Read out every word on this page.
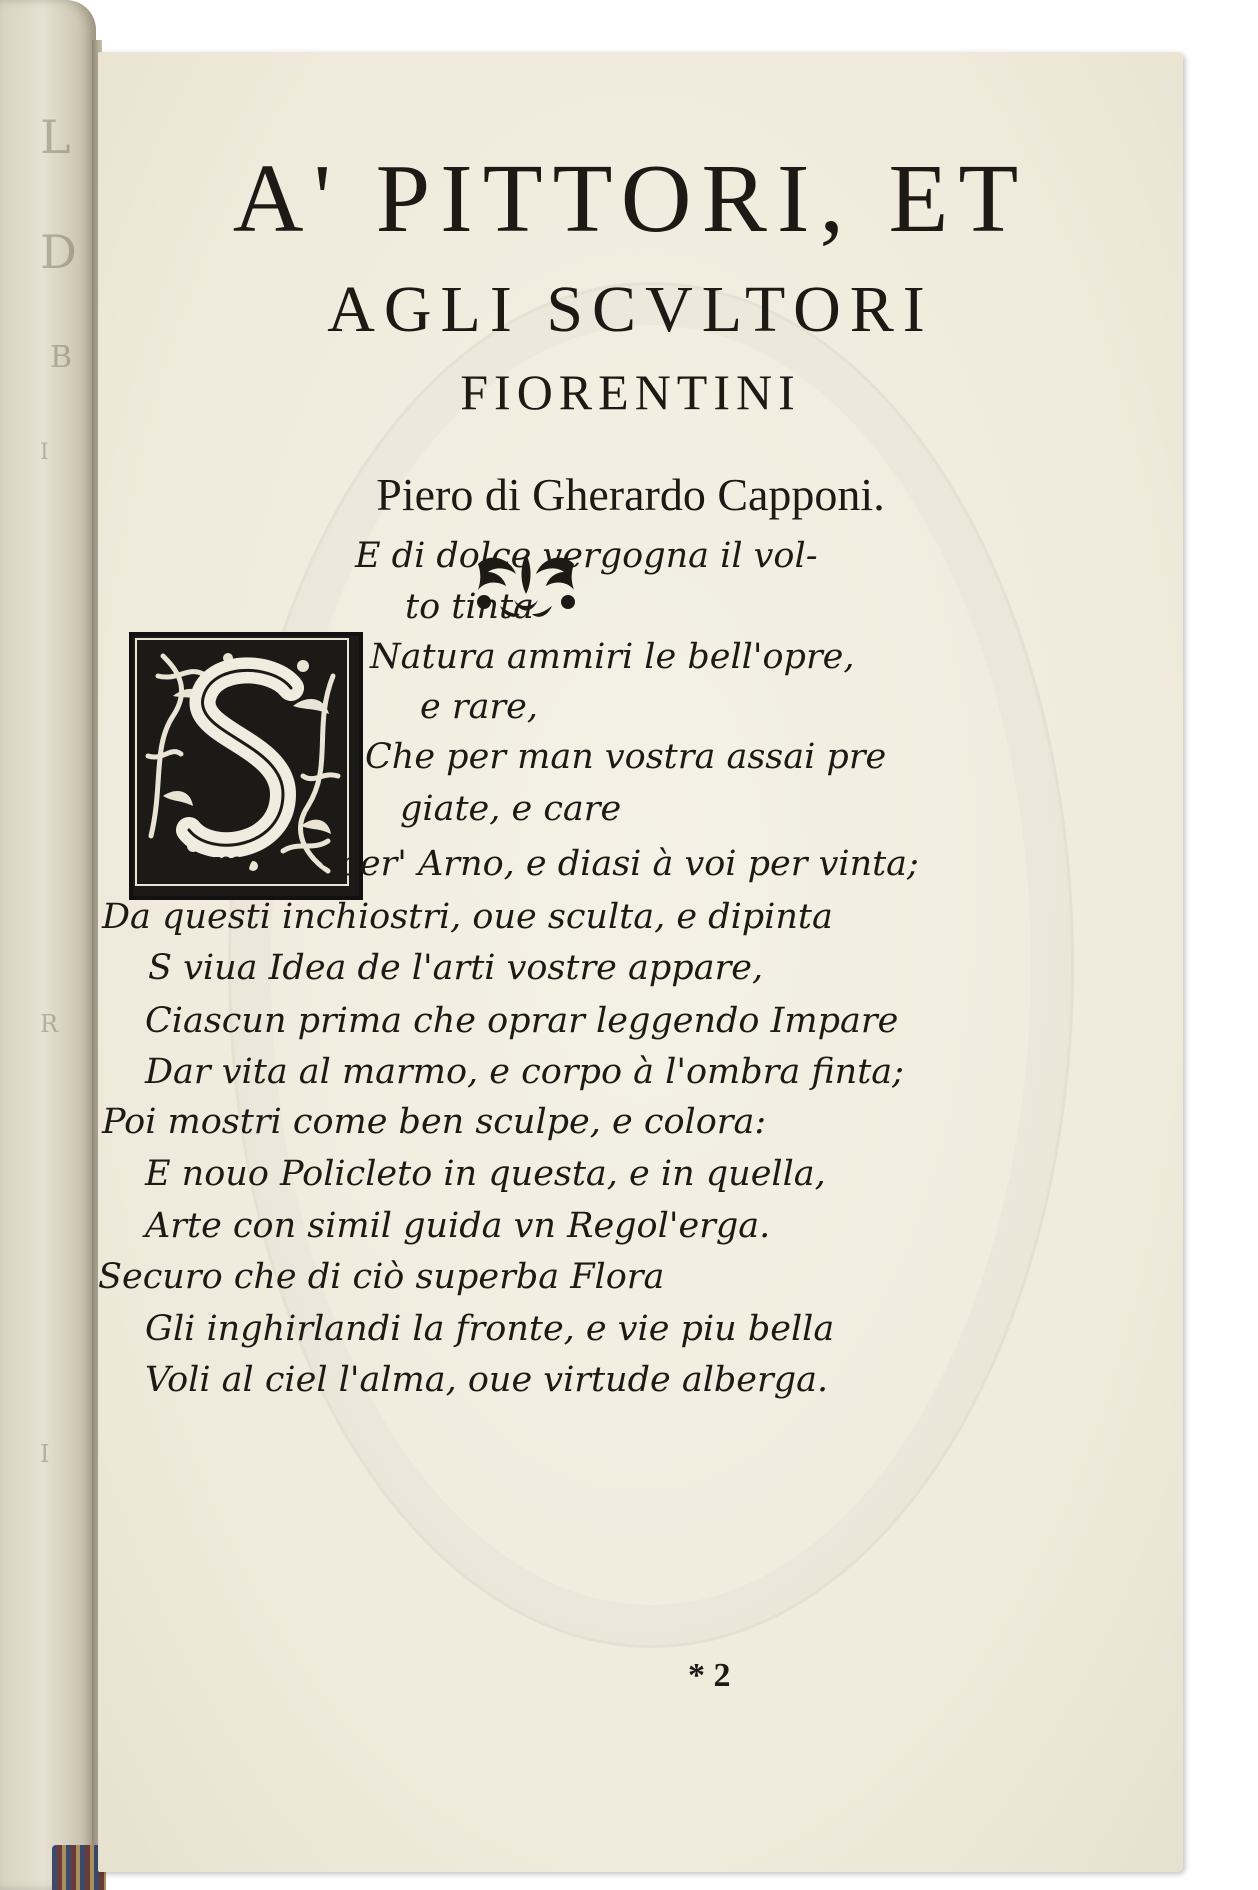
L
D
B
I
R
I
A' PITTORI, ET
AGLI SCVLTORI
FIORENTINI
Piero di Gherardo Capponi.
E di dolce vergogna il vol-
to tinta
Natura ammiri le bell'opre,
e rare,
Che per man vostra assai pre
giate, e care
Brama, e sper' Arno, e diasi à voi per vinta;
Da questi inchiostri, oue sculta, e dipinta
S viua Idea de l'arti vostre appare,
Ciascun prima che oprar leggendo Impare
Dar vita al marmo, e corpo à l'ombra finta;
Poi mostri come ben sculpe, e colora:
E nouo Policleto in questa, e in quella,
Arte con simil guida vn Regol'erga.
Securo che di ciò superba Flora
Gli inghirlandi la fronte, e vie piu bella
Voli al ciel l'alma, oue virtude alberga.
* 2
